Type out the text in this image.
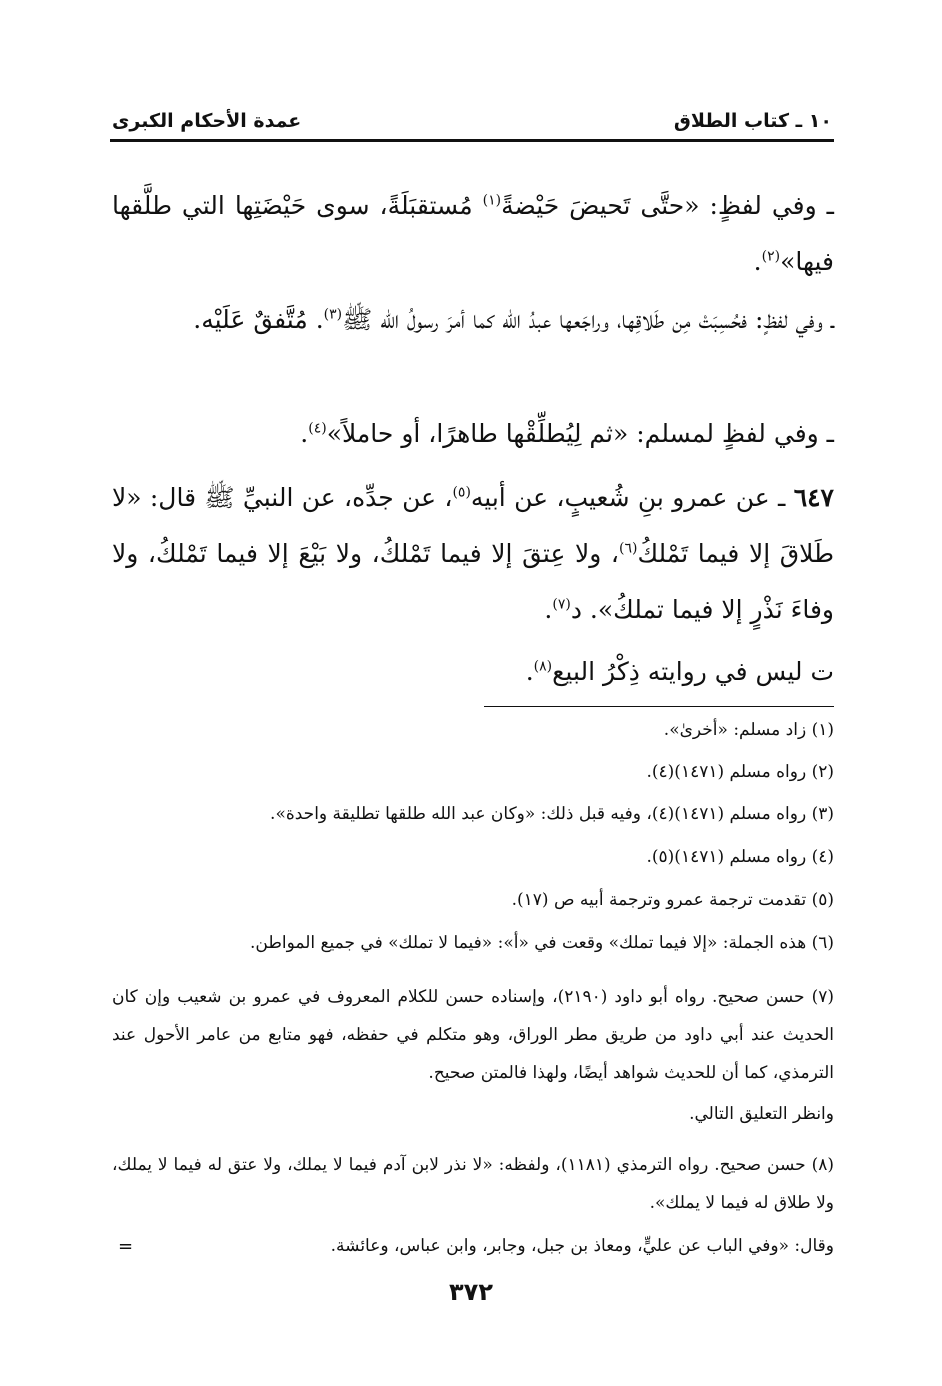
١٠ ـ كتاب الطلاق
عمدة الأحكام الكبرى
ـ وفي لفظٍ: «حتَّى تَحيضَ حَيْضةً$^{(١)}$ مُستقبَلَةً، سوى حَيْضَتِها التي طلَّقها فيها»$^{(٢)}$.
ـ وفي لفظٍ: فحُسِبَتْ مِن طَلاقِها، وراجَعها عبدُ الله كما أمرَ رسولُ الله ﷺ$^{(٣)}$. مُتَّفقٌ عَلَيْه.
ـ وفي لفظٍ لمسلم: «ثم لِيُطلِّقْها طاهرًا، أو حاملاً»$^{(٤)}$.
٦٤٧ ـ عن عمرو بنِ شُعيبٍ، عن أبيه$^{(٥)}$، عن جدِّه، عن النبيِّ ﷺ قال: «لا طَلاقَ إلا فيما تَمْلكُ$^{(٦)}$، ولا عِتقَ إلا فيما تَمْلكُ، ولا بَيْعَ إلا فيما تَمْلكُ، ولا وفاءَ نَذْرٍ إلا فيما تملكُ». د$^{(٧)}$.
ت ليس في روايته ذِكْرُ البيع$^{(٨)}$.
(١) زاد مسلم: «أخرىٰ».
(٢) رواه مسلم (١٤٧١)(٤).
(٣) رواه مسلم (١٤٧١)(٤)، وفيه قبل ذلك: «وكان عبد الله طلقها تطليقة واحدة».
(٤) رواه مسلم (١٤٧١)(٥).
(٥) تقدمت ترجمة عمرو وترجمة أبيه ص (١٧).
(٦) هذه الجملة: «إلا فيما تملك» وقعت في «أ»: «فيما لا تملك» في جميع المواطن.
(٧) حسن صحيح. رواه أبو داود (٢١٩٠)، وإسناده حسن للكلام المعروف في عمرو بن شعيب وإن كان الحديث عند أبي داود من طريق مطر الوراق، وهو متكلم في حفظه، فهو متابع من عامر الأحول عند الترمذي، كما أن للحديث شواهد أيضًا، ولهذا فالمتن صحيح.
وانظر التعليق التالي.
(٨) حسن صحيح. رواه الترمذي (١١٨١)، ولفظه: «لا نذر لابن آدم فيما لا يملك، ولا عتق له فيما لا يملك، ولا طلاق له فيما لا يملك».
وقال: «وفي الباب عن عليٍّ، ومعاذ بن جبل، وجابر، وابن عباس، وعائشة.
=
٣٧٢
